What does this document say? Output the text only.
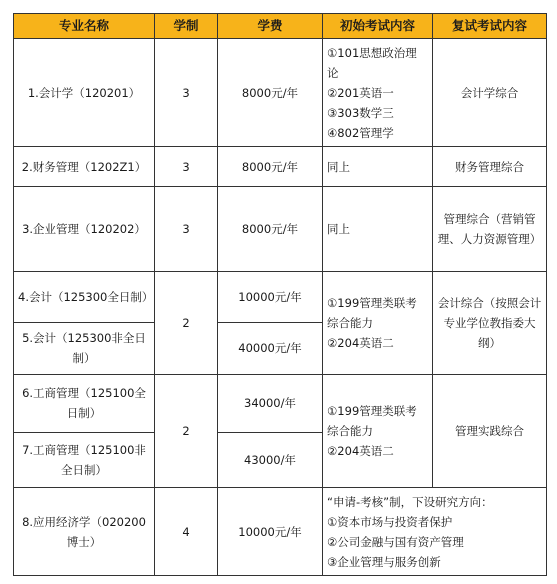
专业名称	学制	学费	初始考试内容	复试考试内容
1.会计学（120201）	3	8000元/年	①101思想政治理论
②201英语一
③303数学三
④802管理学	会计学综合
2.财务管理（1202Z1）	3	8000元/年	同上	财务管理综合
3.企业管理（120202）	3	8000元/年	同上	管理综合（营销管理、人力资源管理）
4.会计（125300全日制）	2	10000元/年	①199管理类联考综合能力
②204英语二	会计综合（按照会计专业学位教指委大纲）
5.会计（125300非全日制）		40000元/年		
6.工商管理（125100全日制）	2	34000/年	①199管理类联考综合能力
②204英语二	管理实践综合
7.工商管理（125100非全日制）		43000/年		
8.应用经济学（020200博士）	4	10000元/年	“申请-考核”制，下设研究方向：
①资本市场与投资者保护
②公司金融与国有资产管理
③企业管理与服务创新	
